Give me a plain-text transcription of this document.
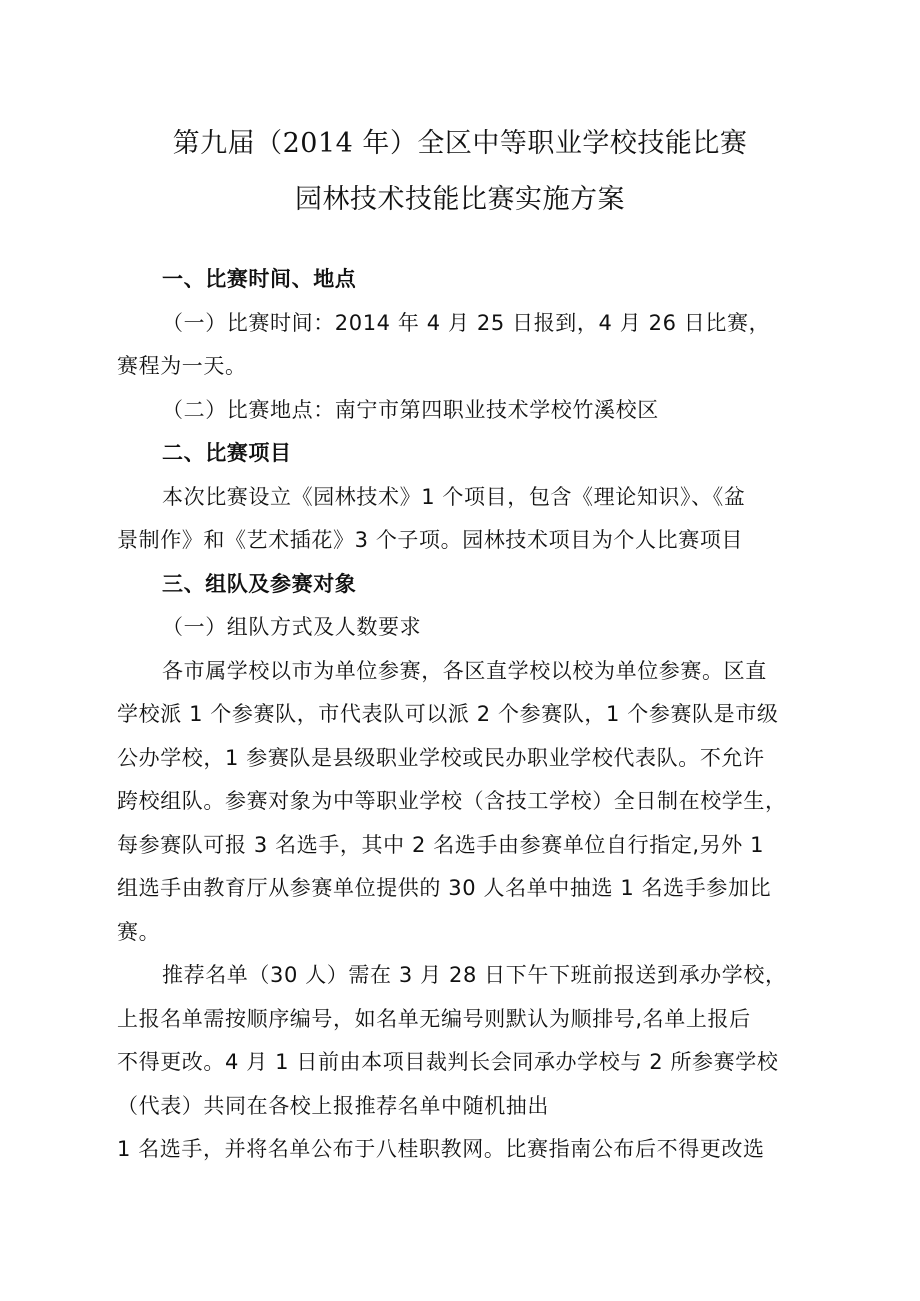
第九届（2014 年）全区中等职业学校技能比赛
园林技术技能比赛实施方案
一、比赛时间、地点
（一）比赛时间：2014 年 4 月 25 日报到，4 月 26 日比赛，
赛程为一天。
（二）比赛地点：南宁市第四职业技术学校竹溪校区
二、比赛项目
本次比赛设立《园林技术》1 个项目，包含《理论知识》、《盆
景制作》和《艺术插花》3 个子项。园林技术项目为个人比赛项目
三、组队及参赛对象
（一）组队方式及人数要求
各市属学校以市为单位参赛，各区直学校以校为单位参赛。区直
学校派 1 个参赛队，市代表队可以派 2 个参赛队，1 个参赛队是市级
公办学校，1 参赛队是县级职业学校或民办职业学校代表队。不允许
跨校组队。参赛对象为中等职业学校（含技工学校）全日制在校学生，
每参赛队可报 3 名选手，其中 2 名选手由参赛单位自行指定,另外 1
组选手由教育厅从参赛单位提供的 30 人名单中抽选 1 名选手参加比
赛。
推荐名单（30 人）需在 3 月 28 日下午下班前报送到承办学校，
上报名单需按顺序编号，如名单无编号则默认为顺排号,名单上报后
不得更改。4 月 1 日前由本项目裁判长会同承办学校与 2 所参赛学校
（代表）共同在各校上报推荐名单中随机抽出
1 名选手，并将名单公布于八桂职教网。比赛指南公布后不得更改选
